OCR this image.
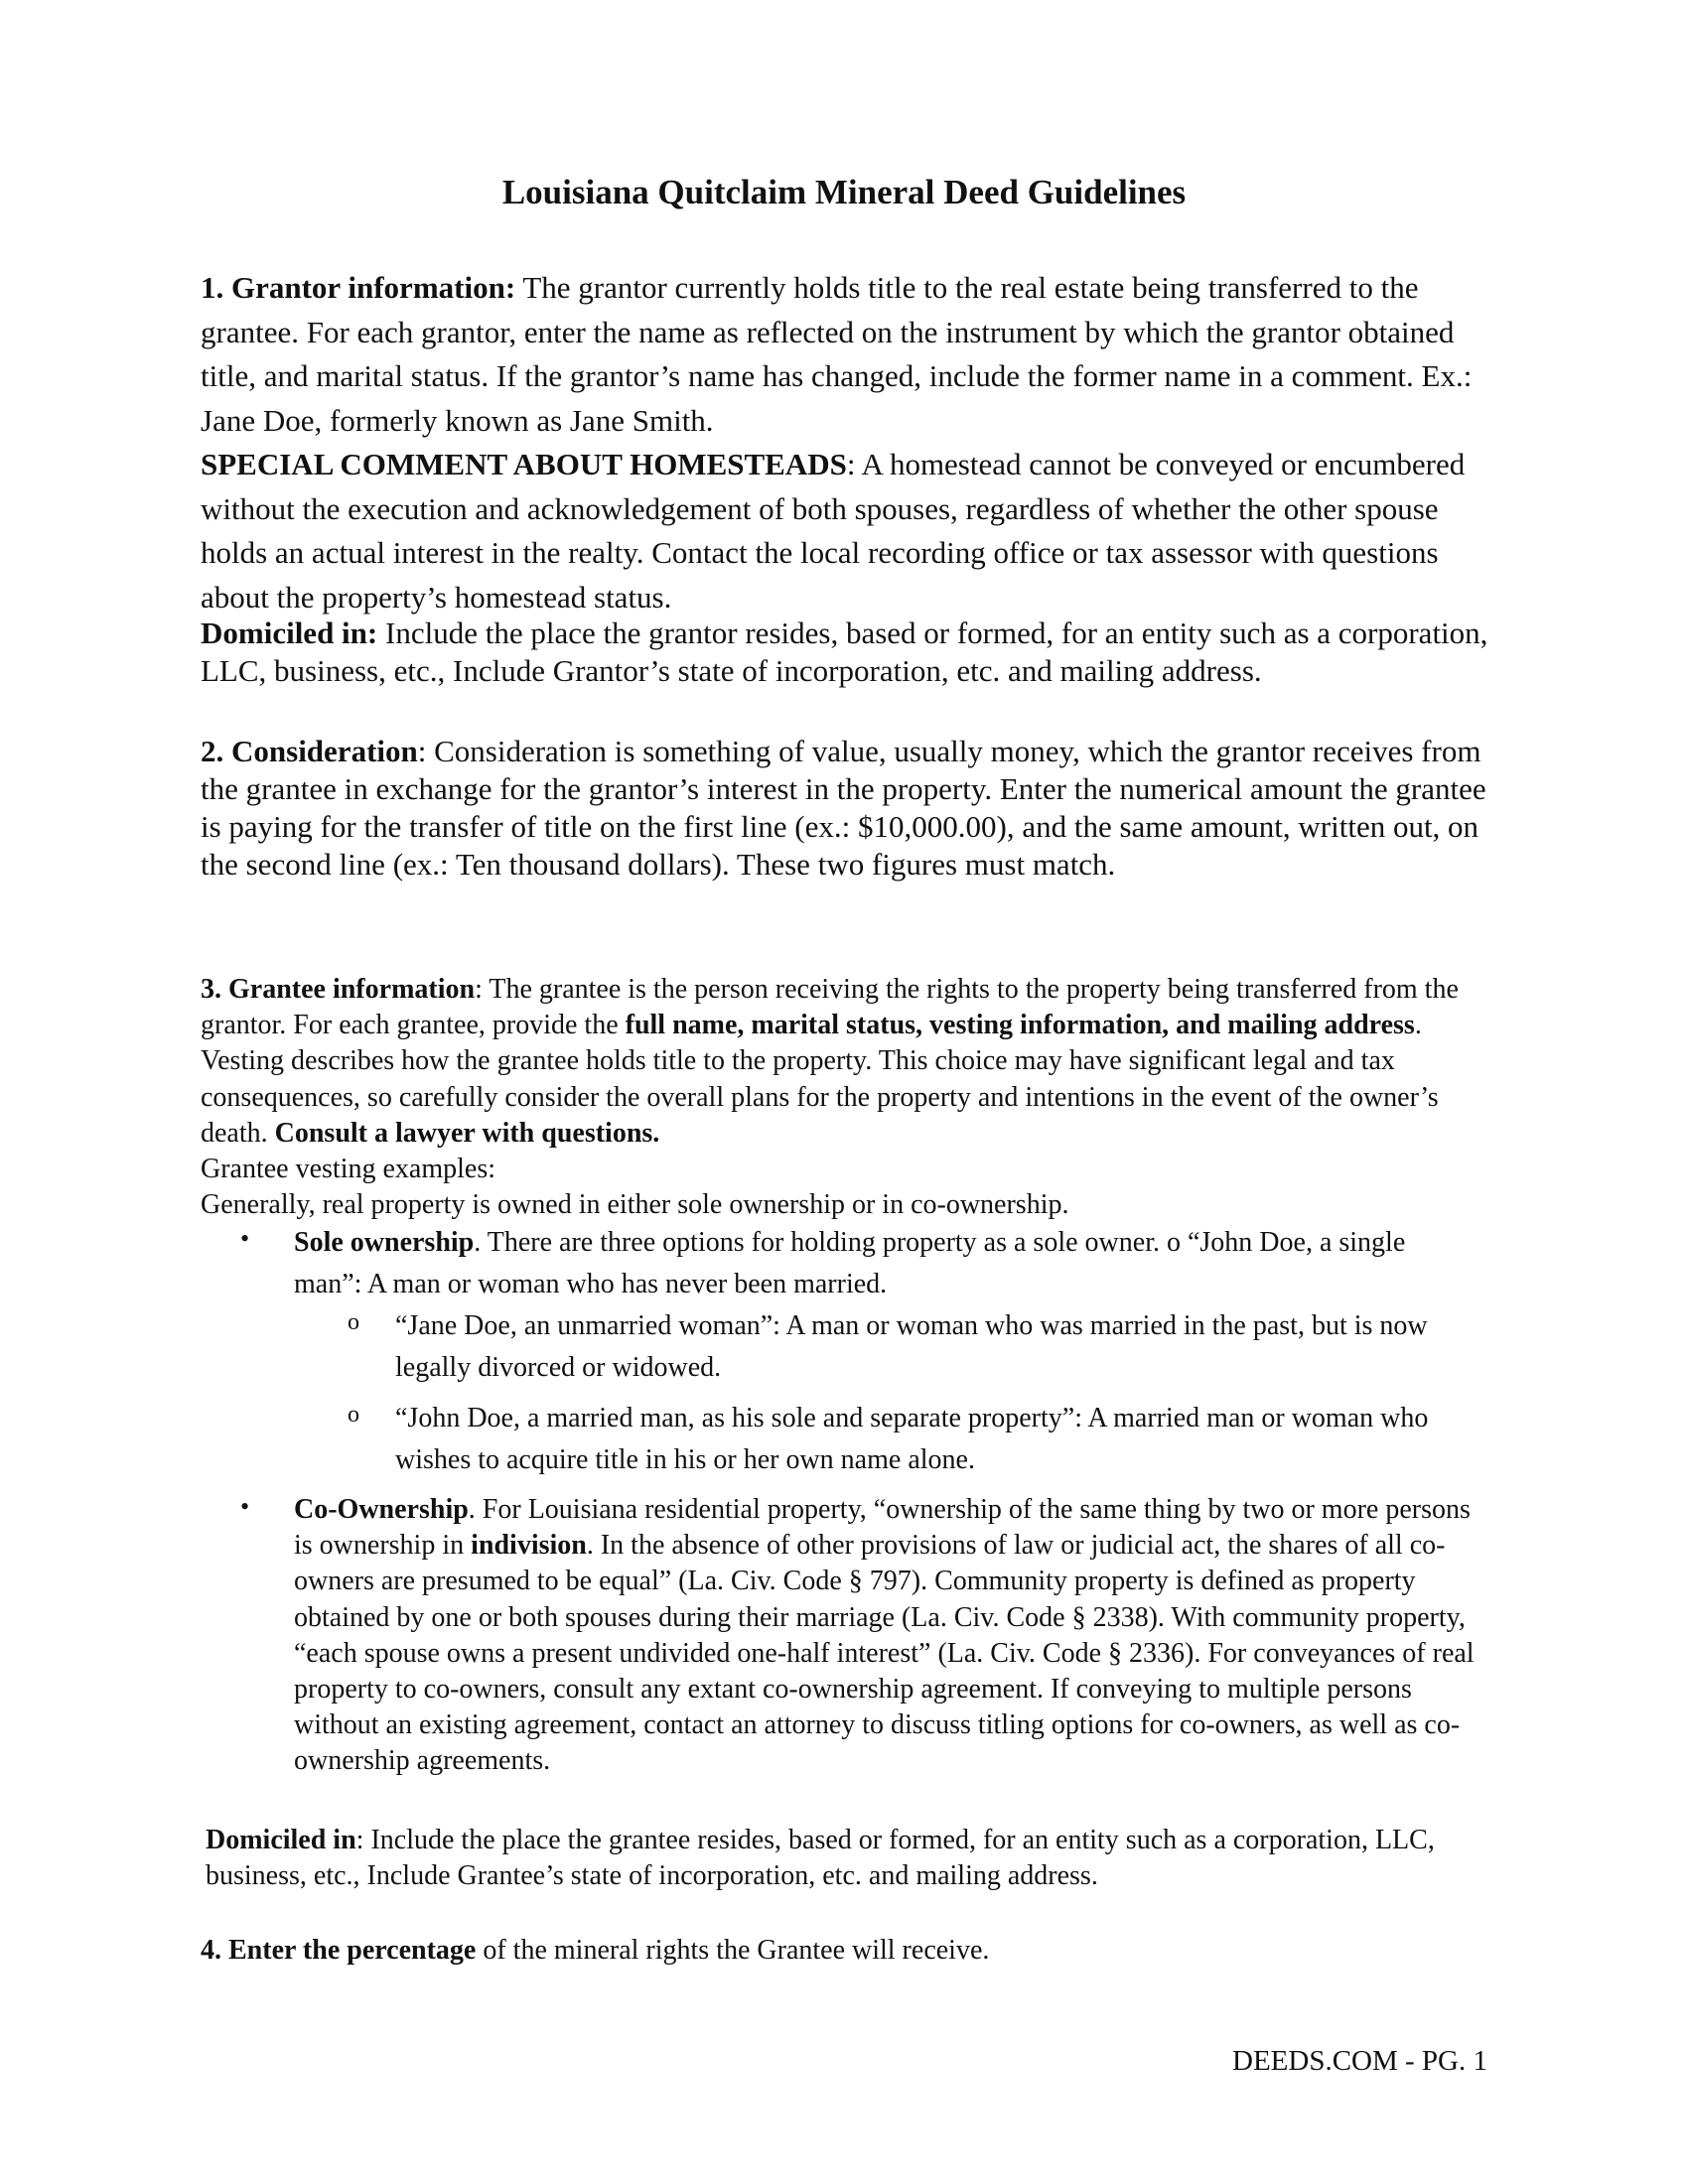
Louisiana Quitclaim Mineral Deed Guidelines

1. Grantor information: The grantor currently holds title to the real estate being transferred to the grantee. For each grantor, enter the name as reflected on the instrument by which the grantor obtained title, and marital status. If the grantor’s name has changed, include the former name in a comment. Ex.: Jane Doe, formerly known as Jane Smith.
SPECIAL COMMENT ABOUT HOMESTEADS: A homestead cannot be conveyed or encumbered without the execution and acknowledgement of both spouses, regardless of whether the other spouse holds an actual interest in the realty. Contact the local recording office or tax assessor with questions about the property’s homestead status.

Domiciled in: Include the place the grantor resides, based or formed, for an entity such as a corporation, LLC, business, etc., Include Grantor’s state of incorporation, etc. and mailing address.

2. Consideration: Consideration is something of value, usually money, which the grantor receives from the grantee in exchange for the grantor’s interest in the property. Enter the numerical amount the grantee is paying for the transfer of title on the first line (ex.: $10,000.00), and the same amount, written out, on the second line (ex.: Ten thousand dollars). These two figures must match.

3. Grantee information: The grantee is the person receiving the rights to the property being transferred from the grantor. For each grantee, provide the full name, marital status, vesting information, and mailing address. Vesting describes how the grantee holds title to the property. This choice may have significant legal and tax consequences, so carefully consider the overall plans for the property and intentions in the event of the owner’s death. Consult a lawyer with questions.
Grantee vesting examples:
Generally, real property is owned in either sole ownership or in co-ownership.

• Sole ownership. There are three options for holding property as a sole owner. o “John Doe, a single man”: A man or woman who has never been married.

o “Jane Doe, an unmarried woman”: A man or woman who was married in the past, but is now legally divorced or widowed.

o “John Doe, a married man, as his sole and separate property”: A married man or woman who wishes to acquire title in his or her own name alone.

• Co-Ownership. For Louisiana residential property, “ownership of the same thing by two or more persons is ownership in indivision. In the absence of other provisions of law or judicial act, the shares of all co-owners are presumed to be equal” (La. Civ. Code § 797). Community property is defined as property obtained by one or both spouses during their marriage (La. Civ. Code § 2338). With community property, “each spouse owns a present undivided one-half interest” (La. Civ. Code § 2336). For conveyances of real property to co-owners, consult any extant co-ownership agreement. If conveying to multiple persons without an existing agreement, contact an attorney to discuss titling options for co-owners, as well as co-ownership agreements.

Domiciled in: Include the place the grantee resides, based or formed, for an entity such as a corporation, LLC, business, etc., Include Grantee’s state of incorporation, etc. and mailing address.

4. Enter the percentage of the mineral rights the Grantee will receive.

DEEDS.COM - PG. 1
